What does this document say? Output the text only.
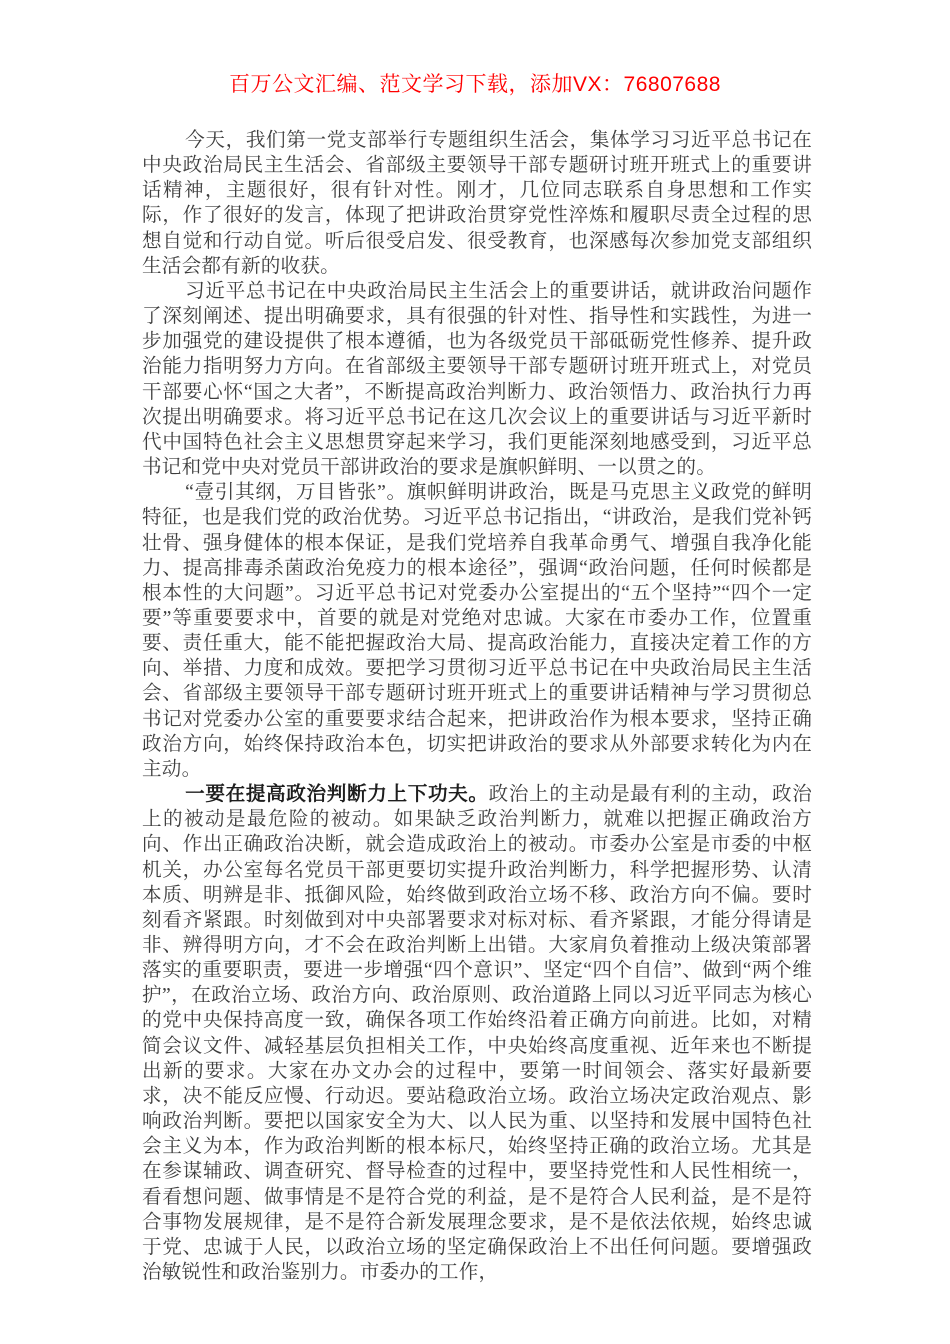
百万公文汇编、范文学习下载，添加VX：76807688

今天，我们第一党支部举行专题组织生活会，集体学习习近平总书记在中央政治局民主生活会、省部级主要领导干部专题研讨班开班式上的重要讲话精神，主题很好，很有针对性。刚才，几位同志联系自身思想和工作实际，作了很好的发言，体现了把讲政治贯穿党性淬炼和履职尽责全过程的思想自觉和行动自觉。听后很受启发、很受教育，也深感每次参加党支部组织生活会都有新的收获。

习近平总书记在中央政治局民主生活会上的重要讲话，就讲政治问题作了深刻阐述、提出明确要求，具有很强的针对性、指导性和实践性，为进一步加强党的建设提供了根本遵循，也为各级党员干部砥砺党性修养、提升政治能力指明努力方向。在省部级主要领导干部专题研讨班开班式上，对党员干部要心怀“国之大者”，不断提高政治判断力、政治领悟力、政治执行力再次提出明确要求。将习近平总书记在这几次会议上的重要讲话与习近平新时代中国特色社会主义思想贯穿起来学习，我们更能深刻地感受到，习近平总书记和党中央对党员干部讲政治的要求是旗帜鲜明、一以贯之的。

“壹引其纲，万目皆张”。旗帜鲜明讲政治，既是马克思主义政党的鲜明特征，也是我们党的政治优势。习近平总书记指出，“讲政治，是我们党补钙壮骨、强身健体的根本保证，是我们党培养自我革命勇气、增强自我净化能力、提高排毒杀菌政治免疫力的根本途径”，强调“政治问题，任何时候都是根本性的大问题”。习近平总书记对党委办公室提出的“五个坚持”“四个一定要”等重要要求中，首要的就是对党绝对忠诚。大家在市委办工作，位置重要、责任重大，能不能把握政治大局、提高政治能力，直接决定着工作的方向、举措、力度和成效。要把学习贯彻习近平总书记在中央政治局民主生活会、省部级主要领导干部专题研讨班开班式上的重要讲话精神与学习贯彻总书记对党委办公室的重要要求结合起来，把讲政治作为根本要求，坚持正确政治方向，始终保持政治本色，切实把讲政治的要求从外部要求转化为内在主动。

一要在提高政治判断力上下功夫。政治上的主动是最有利的主动，政治上的被动是最危险的被动。如果缺乏政治判断力，就难以把握正确政治方向、作出正确政治决断，就会造成政治上的被动。市委办公室是市委的中枢机关，办公室每名党员干部更要切实提升政治判断力，科学把握形势、认清本质、明辨是非、抵御风险，始终做到政治立场不移、政治方向不偏。要时刻看齐紧跟。时刻做到对中央部署要求对标对标、看齐紧跟，才能分得请是非、辨得明方向，才不会在政治判断上出错。大家肩负着推动上级决策部署落实的重要职责，要进一步增强“四个意识”、坚定“四个自信”、做到“两个维护”，在政治立场、政治方向、政治原则、政治道路上同以习近平同志为核心的党中央保持高度一致，确保各项工作始终沿着正确方向前进。比如，对精简会议文件、减轻基层负担相关工作，中央始终高度重视、近年来也不断提出新的要求。大家在办文办会的过程中，要第一时间领会、落实好最新要求，决不能反应慢、行动迟。要站稳政治立场。政治立场决定政治观点、影响政治判断。要把以国家安全为大、以人民为重、以坚持和发展中国特色社会主义为本，作为政治判断的根本标尺，始终坚持正确的政治立场。尤其是在参谋辅政、调查研究、督导检查的过程中，要坚持党性和人民性相统一，看看想问题、做事情是不是符合党的利益，是不是符合人民利益，是不是符合事物发展规律，是不是符合新发展理念要求，是不是依法依规，始终忠诚于党、忠诚于人民，以政治立场的坚定确保政治上不出任何问题。要增强政治敏锐性和政治鉴别力。市委办的工作，
